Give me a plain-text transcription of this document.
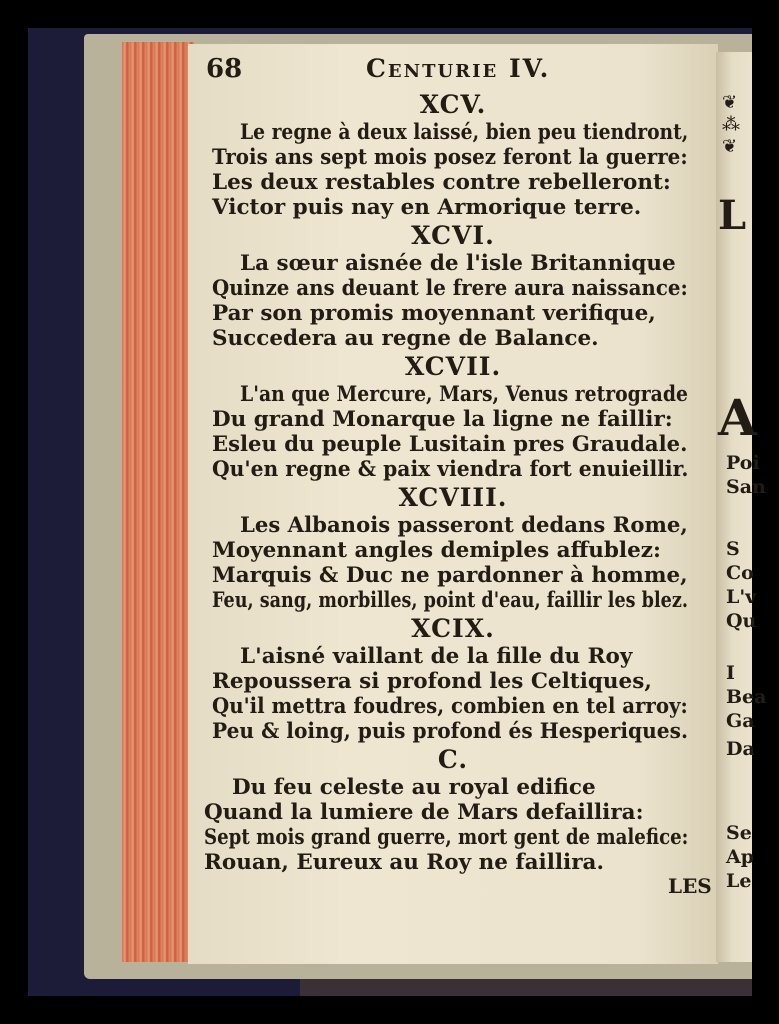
68	Centurie IV.
XCV.
Le regne à deux laissé, bien peu tiendront,
Trois ans sept mois posez feront la guerre:
Les deux restables contre rebelleront:
Victor puis nay en Armorique terre.
XCVI.
La sœur aisnée de l'isle Britannique
Quinze ans deuant le frere aura naissance:
Par son promis moyennant verifique,
Succedera au regne de Balance.
XCVII.
L'an que Mercure, Mars, Venus retrograde
Du grand Monarque la ligne ne faillir:
Esleu du peuple Lusitain pres Graudale.
Qu'en regne & paix viendra fort enuieillir.
XCVIII.
Les Albanois passeront dedans Rome,
Moyennant angles demiples affublez:
Marquis & Duc ne pardonner à homme,
Feu, sang, morbilles, point d'eau, faillir les blez.
XCIX.
L'aisné vaillant de la fille du Roy
Repoussera si profond les Celtiques,
Qu'il mettra foudres, combien en tel arroy:
Peu & loing, puis profond és Hesperiques.
C.
Du feu celeste au royal edifice
Quand la lumiere de Mars defaillira:
Sept mois grand guerre, mort gent de malefice:
Rouan, Eureux au Roy ne faillira.
LES
❦
⁂
❦
L
A
Poi
San
S
Co
L'v
Qu
I
Bea
Ga
Da
Se
Ap
Le
